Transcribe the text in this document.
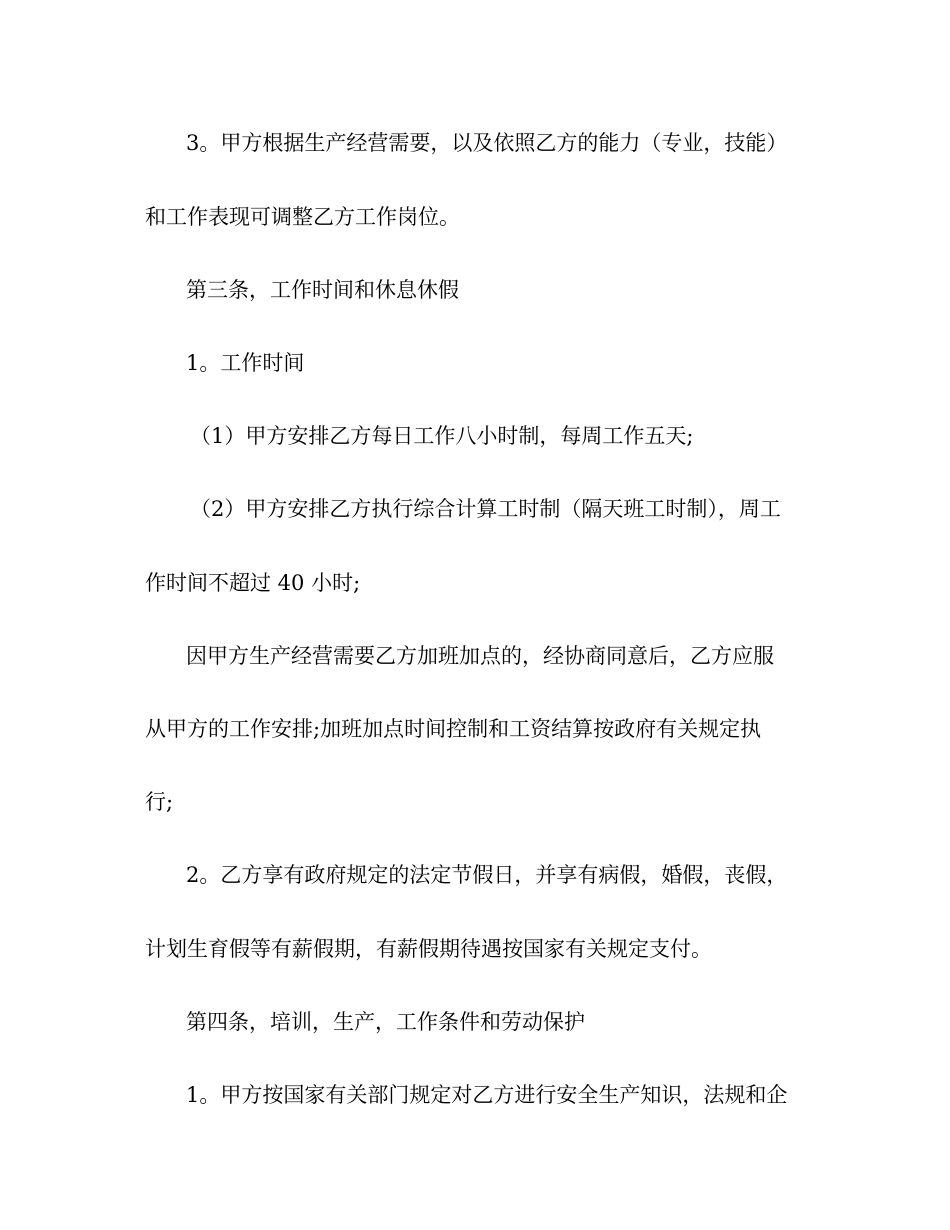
3。甲方根据生产经营需要，以及依照乙方的能力（专业，技能）
和工作表现可调整乙方工作岗位。
第三条，工作时间和休息休假
1。工作时间
（1）甲方安排乙方每日工作八小时制，每周工作五天;
（2）甲方安排乙方执行综合计算工时制（隔天班工时制），周工
作时间不超过 40 小时;
因甲方生产经营需要乙方加班加点的，经协商同意后，乙方应服
从甲方的工作安排;加班加点时间控制和工资结算按政府有关规定执
行;
2。乙方享有政府规定的法定节假日，并享有病假，婚假，丧假，
计划生育假等有薪假期，有薪假期待遇按国家有关规定支付。
第四条，培训，生产，工作条件和劳动保护
1。甲方按国家有关部门规定对乙方进行安全生产知识，法规和企
